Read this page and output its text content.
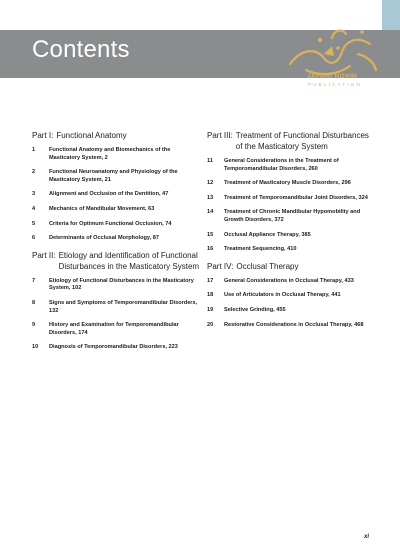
Contents
JAFARI NOVIN
PUBLICATION
Part I: Functional Anatomy
1	Functional Anatomy and Biomechanics of the Masticatory System, 2
2	Functional Neuroanatomy and Physiology of the Masticatory System, 21
3	Alignment and Occlusion of the Dentition, 47
4	Mechanics of Mandibular Movement, 63
5	Criteria for Optimum Functional Occlusion, 74
6	Determinants of Occlusal Morphology, 87
Part II: Etiology and Identification of Functional Disturbances in the Masticatory System
7	Etiology of Functional Disturbances in the Masticatory System, 102
8	Signs and Symptoms of Temporomandibular Disorders, 132
9	History and Examination for Temporomandibular Disorders, 174
10	Diagnosis of Temporomandibular Disorders, 223
Part III: Treatment of Functional Disturbances of the Masticatory System
11	General Considerations in the Treatment of Temporomandibular Disorders, 260
12	Treatment of Masticatory Muscle Disorders, 296
13	Treatment of Temporomandibular Joint Disorders, 324
14	Treatment of Chronic Mandibular Hypomobility and Growth Disorders, 372
15	Occlusal Appliance Therapy, 385
16	Treatment Sequencing, 410
Part IV: Occlusal Therapy
17	General Considerations in Occlusal Therapy, 433
18	Use of Articulators in Occlusal Therapy, 441
19	Selective Grinding, 455
20	Restorative Considerations in Occlusal Therapy, 468
xi
